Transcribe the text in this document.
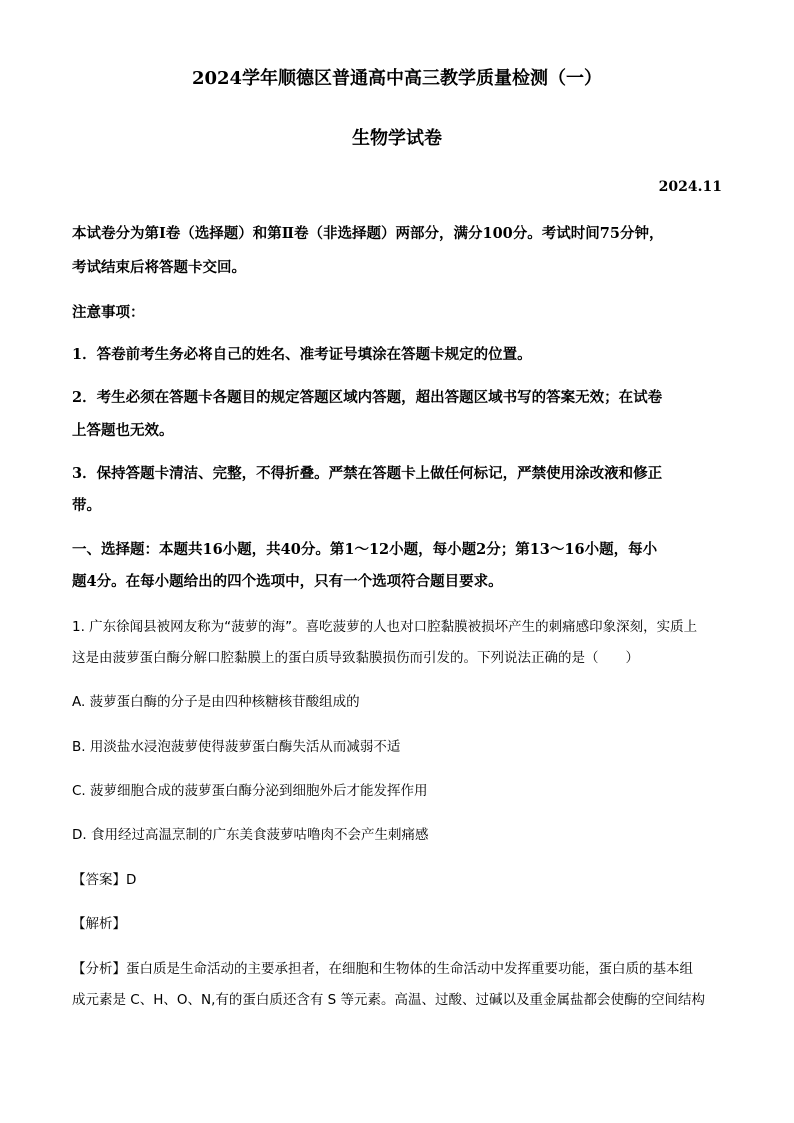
2024学年顺德区普通高中高三教学质量检测（一）
生物学试卷
2024.11
本试卷分为第Ⅰ卷（选择题）和第Ⅱ卷（非选择题）两部分，满分100分。考试时间75分钟，
考试结束后将答题卡交回。
注意事项：
1．答卷前考生务必将自己的姓名、准考证号填涂在答题卡规定的位置。
2．考生必须在答题卡各题目的规定答题区域内答题，超出答题区域书写的答案无效；在试卷
上答题也无效。
3．保持答题卡清洁、完整，不得折叠。严禁在答题卡上做任何标记，严禁使用涂改液和修正
带。
一、选择题：本题共16小题，共40分。第1～12小题，每小题2分；第13～16小题，每小
题4分。在每小题给出的四个选项中，只有一个选项符合题目要求。
1. 广东徐闻县被网友称为“菠萝的海”。喜吃菠萝的人也对口腔黏膜被损坏产生的刺痛感印象深刻，实质上
这是由菠萝蛋白酶分解口腔黏膜上的蛋白质导致黏膜损伤而引发的。下列说法正确的是（　　）
A. 菠萝蛋白酶的分子是由四种核糖核苷酸组成的
B. 用淡盐水浸泡菠萝使得菠萝蛋白酶失活从而减弱不适
C. 菠萝细胞合成的菠萝蛋白酶分泌到细胞外后才能发挥作用
D. 食用经过高温烹制的广东美食菠萝咕噜肉不会产生刺痛感
【答案】D
【解析】
【分析】蛋白质是生命活动的主要承担者，在细胞和生物体的生命活动中发挥重要功能，蛋白质的基本组
成元素是 C、H、O、N,有的蛋白质还含有 S 等元素。高温、过酸、过碱以及重金属盐都会使酶的空间结构
